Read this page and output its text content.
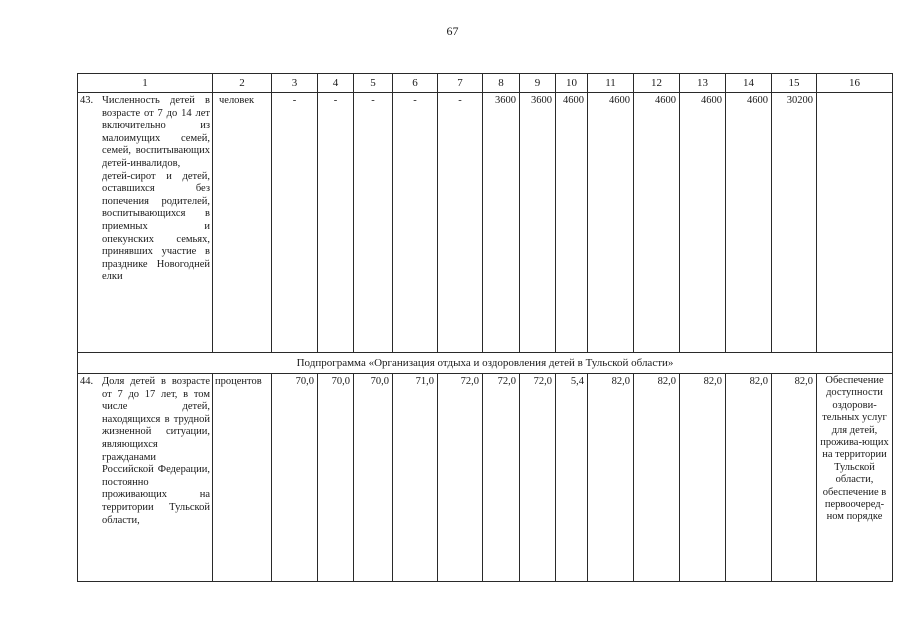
67
1	2	3	4	5	6	7	8	9	10	11	12	13	14	15	16

43. Численность детей в возрасте от 7 до 14 лет включительно из малоимущих семей, семей, воспитывающих детей-инвалидов, детей-сирот и детей, оставшихся без попечения родителей, воспитывающихся в приемных и опекунских семьях, принявших участие в празднике Новогодней елки	человек	-	-	-	-	-	3600	3600	4600	4600	4600	4600	4600	30200	
Подпрограмма «Организация отдыха и оздоровления детей в Тульской области»															

44. Доля детей в возрасте от 7 до 17 лет, в том числе детей, находящихся в трудной жизненной ситуации, являющихся гражданами Российской Федерации, постоянно проживающих на территории Тульской области,	процентов	70,0	70,0	70,0	71,0	72,0	72,0	72,0	5,4	82,0	82,0	82,0	82,0	82,0	Обеспечение доступности оздорови-тельных услуг для детей, прожива-ющих на территории Тульской области, обеспечение в первоочеред-ном порядке
